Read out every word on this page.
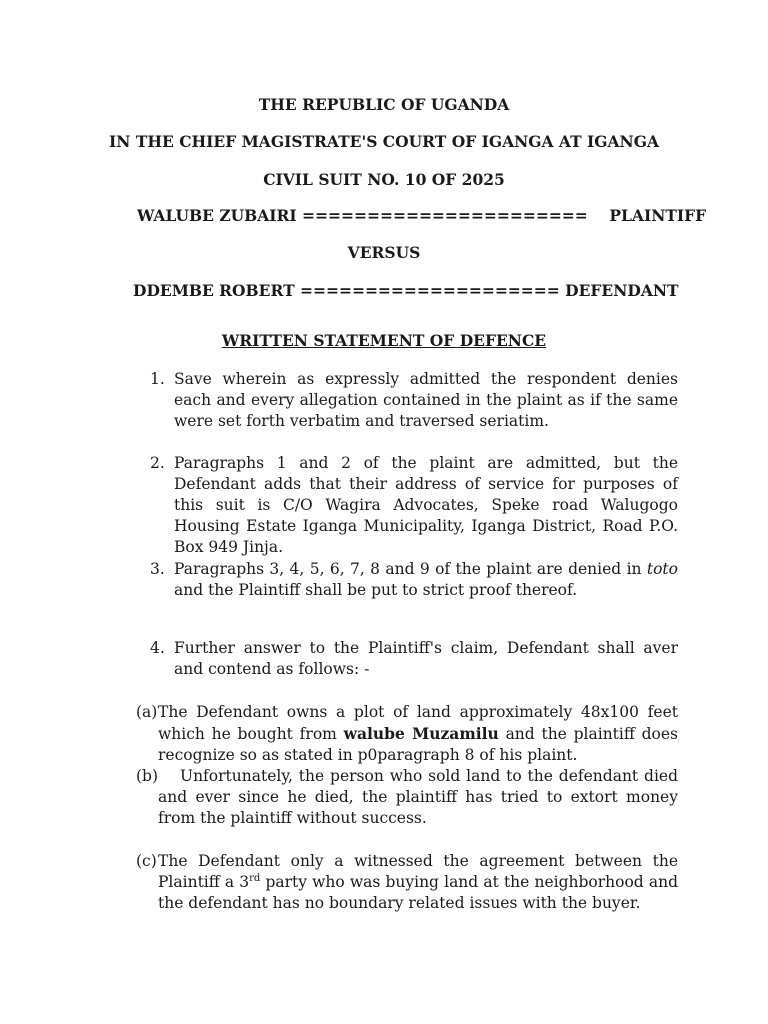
THE REPUBLIC OF UGANDA
IN THE CHIEF MAGISTRATE'S COURT OF IGANGA AT IGANGA
CIVIL SUIT NO. 10 OF 2025
WALUBE ZUBAIRI ======================    PLAINTIFF
VERSUS
DDEMBE ROBERT ==================== DEFENDANT
WRITTEN STATEMENT OF DEFENCE
1. Save wherein as expressly admitted the respondent denies each and every allegation contained in the plaint as if the same were set forth verbatim and traversed seriatim.
2. Paragraphs 1 and 2 of the plaint are admitted, but the Defendant adds that their address of service for purposes of this suit is C/O Wagira Advocates, Speke road Walugogo Housing Estate Iganga Municipality, Iganga District, Road P.O. Box 949 Jinja.
3. Paragraphs 3, 4, 5, 6, 7, 8 and 9 of the plaint are denied in toto and the Plaintiff shall be put to strict proof thereof.
4. Further answer to the Plaintiff's claim, Defendant shall aver and contend as follows: -
(a) The Defendant owns a plot of land approximately 48x100 feet which he bought from walube Muzamilu and the plaintiff does recognize so as stated in p0paragraph 8 of his plaint.
(b)	Unfortunately, the person who sold land to the defendant died and ever since he died, the plaintiff has tried to extort money from the plaintiff without success.
(c) The Defendant only a witnessed the agreement between the Plaintiff a 3rd party who was buying land at the neighborhood and the defendant has no boundary related issues with the buyer.
